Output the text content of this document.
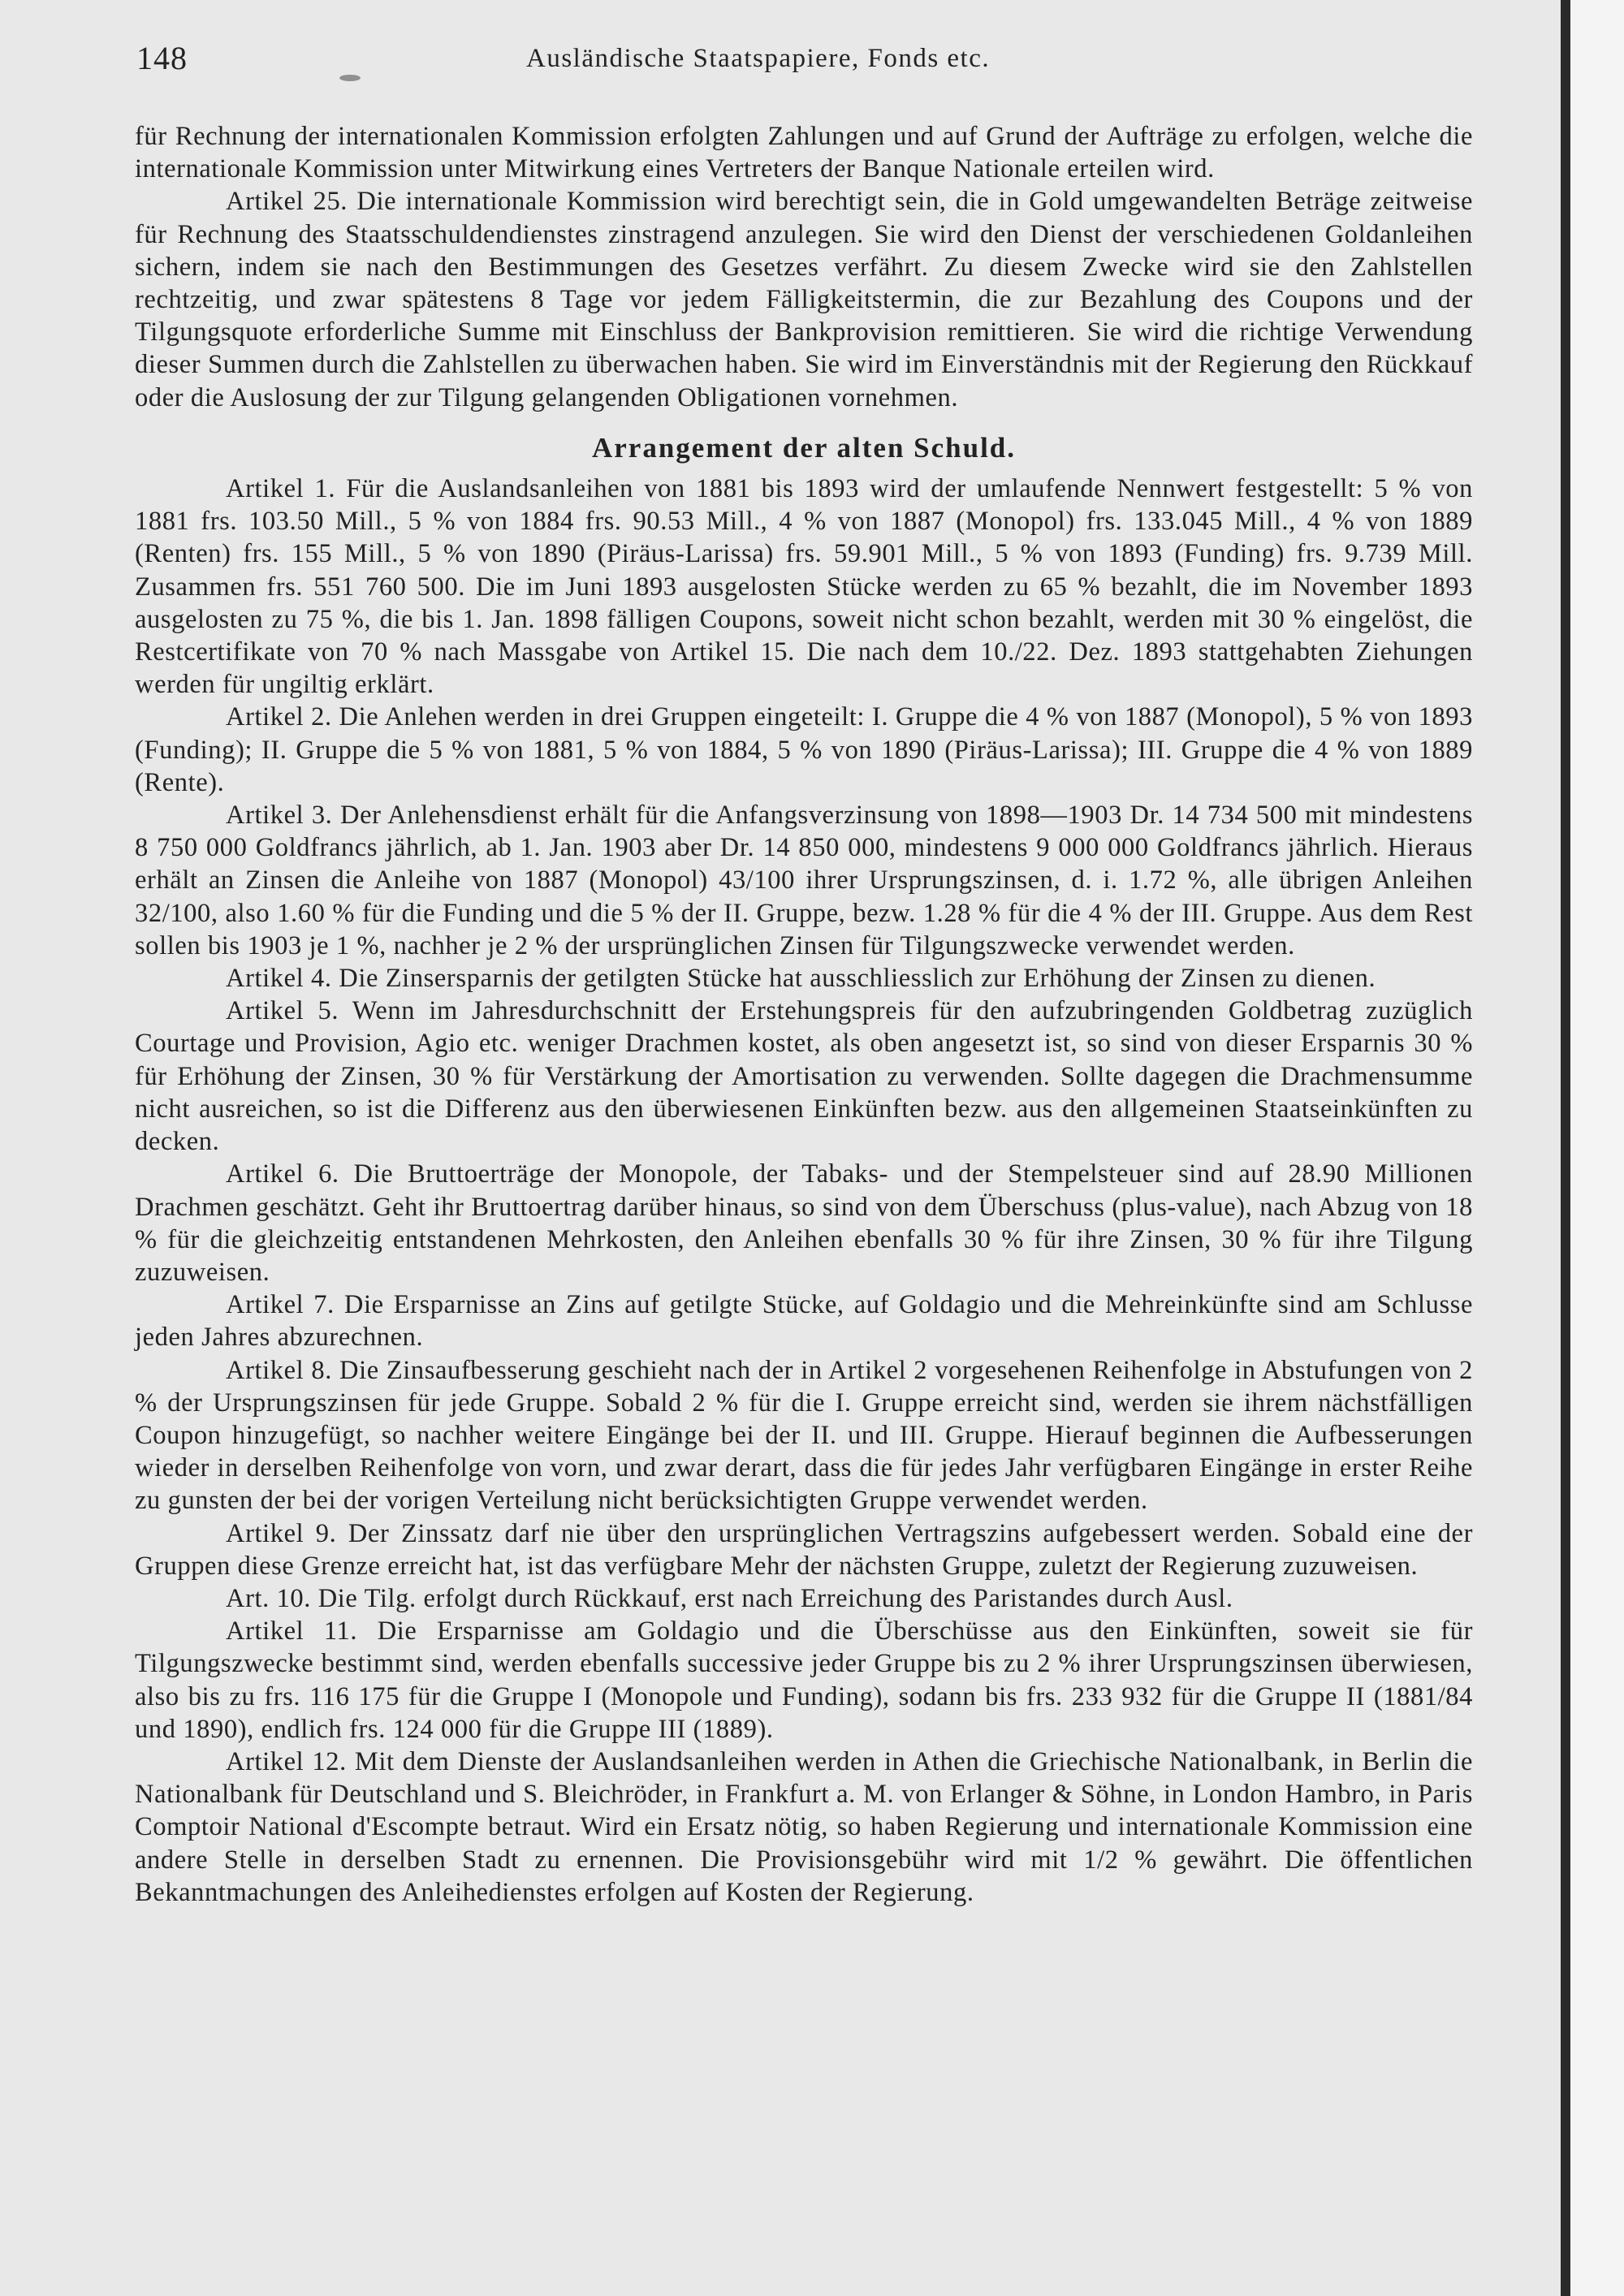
148	Ausländische Staatspapiere, Fonds etc.

für Rechnung der internationalen Kommission erfolgten Zahlungen und auf Grund der Aufträge zu erfolgen, welche die internationale Kommission unter Mitwirkung eines Vertreters der Banque Nationale erteilen wird.

Artikel 25. Die internationale Kommission wird berechtigt sein, die in Gold umgewandelten Beträge zeitweise für Rechnung des Staatsschuldendienstes zinstragend anzulegen. Sie wird den Dienst der verschiedenen Goldanleihen sichern, indem sie nach den Bestimmungen des Gesetzes verfährt. Zu diesem Zwecke wird sie den Zahlstellen rechtzeitig, und zwar spätestens 8 Tage vor jedem Fälligkeitstermin, die zur Bezahlung des Coupons und der Tilgungsquote erforderliche Summe mit Einschluss der Bankprovision remittieren. Sie wird die richtige Verwendung dieser Summen durch die Zahlstellen zu überwachen haben. Sie wird im Einverständnis mit der Regierung den Rückkauf oder die Auslosung der zur Tilgung gelangenden Obligationen vornehmen.

Arrangement der alten Schuld.

Artikel 1. Für die Auslandsanleihen von 1881 bis 1893 wird der umlaufende Nennwert festgestellt: 5 % von 1881 frs. 103.50 Mill., 5 % von 1884 frs. 90.53 Mill., 4 % von 1887 (Monopol) frs. 133.045 Mill., 4 % von 1889 (Renten) frs. 155 Mill., 5 % von 1890 (Piräus-Larissa) frs. 59.901 Mill., 5 % von 1893 (Funding) frs. 9.739 Mill. Zusammen frs. 551 760 500. Die im Juni 1893 ausgelosten Stücke werden zu 65 % bezahlt, die im November 1893 ausgelosten zu 75 %, die bis 1. Jan. 1898 fälligen Coupons, soweit nicht schon bezahlt, werden mit 30 % eingelöst, die Restcertifikate von 70 % nach Massgabe von Artikel 15. Die nach dem 10./22. Dez. 1893 stattgehabten Ziehungen werden für ungiltig erklärt.

Artikel 2. Die Anlehen werden in drei Gruppen eingeteilt: I. Gruppe die 4 % von 1887 (Monopol), 5 % von 1893 (Funding); II. Gruppe die 5 % von 1881, 5 % von 1884, 5 % von 1890 (Piräus-Larissa); III. Gruppe die 4 % von 1889 (Rente).

Artikel 3. Der Anlehensdienst erhält für die Anfangsverzinsung von 1898—1903 Dr. 14 734 500 mit mindestens 8 750 000 Goldfrancs jährlich, ab 1. Jan. 1903 aber Dr. 14 850 000, mindestens 9 000 000 Goldfrancs jährlich. Hieraus erhält an Zinsen die Anleihe von 1887 (Monopol) 43/100 ihrer Ursprungszinsen, d. i. 1.72 %, alle übrigen Anleihen 32/100, also 1.60 % für die Funding und die 5 % der II. Gruppe, bezw. 1.28 % für die 4 % der III. Gruppe. Aus dem Rest sollen bis 1903 je 1 %, nachher je 2 % der ursprünglichen Zinsen für Tilgungszwecke verwendet werden.

Artikel 4. Die Zinsersparnis der getilgten Stücke hat ausschliesslich zur Erhöhung der Zinsen zu dienen.

Artikel 5. Wenn im Jahresdurchschnitt der Erstehungspreis für den aufzubringenden Goldbetrag zuzüglich Courtage und Provision, Agio etc. weniger Drachmen kostet, als oben angesetzt ist, so sind von dieser Ersparnis 30 % für Erhöhung der Zinsen, 30 % für Verstärkung der Amortisation zu verwenden. Sollte dagegen die Drachmensumme nicht ausreichen, so ist die Differenz aus den überwiesenen Einkünften bezw. aus den allgemeinen Staatseinkünften zu decken.

Artikel 6. Die Bruttoerträge der Monopole, der Tabaks- und der Stempelsteuer sind auf 28.90 Millionen Drachmen geschätzt. Geht ihr Bruttoertrag darüber hinaus, so sind von dem Überschuss (plus-value), nach Abzug von 18 % für die gleichzeitig entstandenen Mehrkosten, den Anleihen ebenfalls 30 % für ihre Zinsen, 30 % für ihre Tilgung zuzuweisen.

Artikel 7. Die Ersparnisse an Zins auf getilgte Stücke, auf Goldagio und die Mehreinkünfte sind am Schlusse jeden Jahres abzurechnen.

Artikel 8. Die Zinsaufbesserung geschieht nach der in Artikel 2 vorgesehenen Reihenfolge in Abstufungen von 2 % der Ursprungszinsen für jede Gruppe. Sobald 2 % für die I. Gruppe erreicht sind, werden sie ihrem nächstfälligen Coupon hinzugefügt, so nachher weitere Eingänge bei der II. und III. Gruppe. Hierauf beginnen die Aufbesserungen wieder in derselben Reihenfolge von vorn, und zwar derart, dass die für jedes Jahr verfügbaren Eingänge in erster Reihe zu gunsten der bei der vorigen Verteilung nicht berücksichtigten Gruppe verwendet werden.

Artikel 9. Der Zinssatz darf nie über den ursprünglichen Vertragszins aufgebessert werden. Sobald eine der Gruppen diese Grenze erreicht hat, ist das verfügbare Mehr der nächsten Gruppe, zuletzt der Regierung zuzuweisen.

Art. 10. Die Tilg. erfolgt durch Rückkauf, erst nach Erreichung des Paristandes durch Ausl.

Artikel 11. Die Ersparnisse am Goldagio und die Überschüsse aus den Einkünften, soweit sie für Tilgungszwecke bestimmt sind, werden ebenfalls successive jeder Gruppe bis zu 2 % ihrer Ursprungszinsen überwiesen, also bis zu frs. 116 175 für die Gruppe I (Monopole und Funding), sodann bis frs. 233 932 für die Gruppe II (1881/84 und 1890), endlich frs. 124 000 für die Gruppe III (1889).

Artikel 12. Mit dem Dienste der Auslandsanleihen werden in Athen die Griechische Nationalbank, in Berlin die Nationalbank für Deutschland und S. Bleichröder, in Frankfurt a. M. von Erlanger & Söhne, in London Hambro, in Paris Comptoir National d'Escompte betraut. Wird ein Ersatz nötig, so haben Regierung und internationale Kommission eine andere Stelle in derselben Stadt zu ernennen. Die Provisionsgebühr wird mit 1/2 % gewährt. Die öffentlichen Bekanntmachungen des Anleihedienstes erfolgen auf Kosten der Regierung.
